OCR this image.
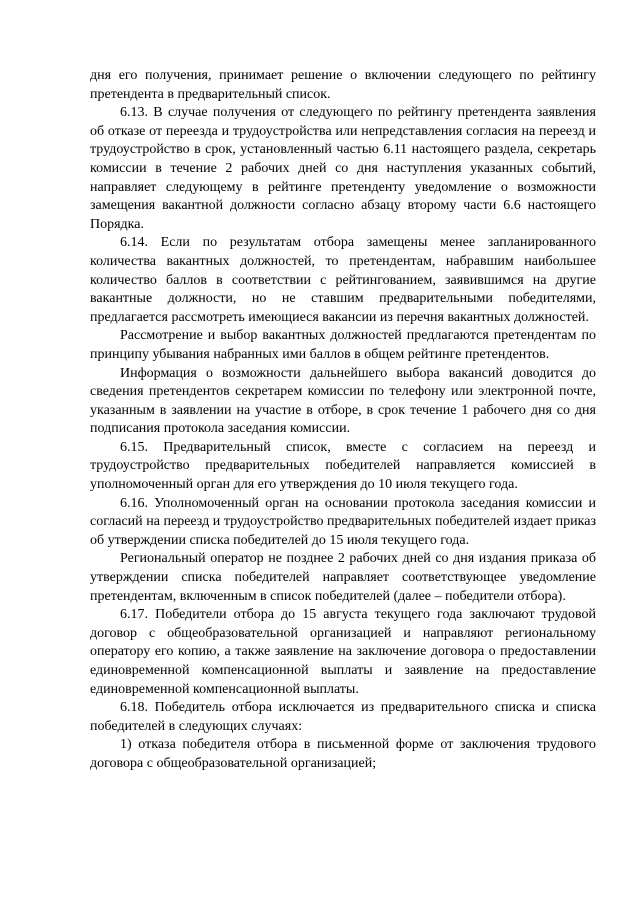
дня его получения, принимает решение о включении следующего по рейтингу претендента в предварительный список.

6.13. В случае получения от следующего по рейтингу претендента заявления об отказе от переезда и трудоустройства или непредставления согласия на переезд и трудоустройство в срок, установленный частью 6.11 настоящего раздела, секретарь комиссии в течение 2 рабочих дней со дня наступления указанных событий, направляет следующему в рейтинге претенденту уведомление о возможности замещения вакантной должности согласно абзацу второму части 6.6 настоящего Порядка.

6.14. Если по результатам отбора замещены менее запланированного количества вакантных должностей, то претендентам, набравшим наибольшее количество баллов в соответствии с рейтингованием, заявившимся на другие вакантные должности, но не ставшим предварительными победителями, предлагается рассмотреть имеющиеся вакансии из перечня вакантных должностей.

Рассмотрение и выбор вакантных должностей предлагаются претендентам по принципу убывания набранных ими баллов в общем рейтинге претендентов.

Информация о возможности дальнейшего выбора вакансий доводится до сведения претендентов секретарем комиссии по телефону или электронной почте, указанным в заявлении на участие в отборе, в срок течение 1 рабочего дня со дня подписания протокола заседания комиссии.

6.15. Предварительный список, вместе с согласием на переезд и трудоустройство предварительных победителей направляется комиссией в уполномоченный орган для его утверждения до 10 июля текущего года.

6.16. Уполномоченный орган на основании протокола заседания комиссии и согласий на переезд и трудоустройство предварительных победителей издает приказ об утверждении списка победителей до 15 июля текущего года.

Региональный оператор не позднее 2 рабочих дней со дня издания приказа об утверждении списка победителей направляет соответствующее уведомление претендентам, включенным в список победителей (далее – победители отбора).

6.17. Победители отбора до 15 августа текущего года заключают трудовой договор с общеобразовательной организацией и направляют региональному оператору его копию, а также заявление на заключение договора о предоставлении единовременной компенсационной выплаты и заявление на предоставление единовременной компенсационной выплаты.

6.18. Победитель отбора исключается из предварительного списка и списка победителей в следующих случаях:

1) отказа победителя отбора в письменной форме от заключения трудового договора с общеобразовательной организацией;
